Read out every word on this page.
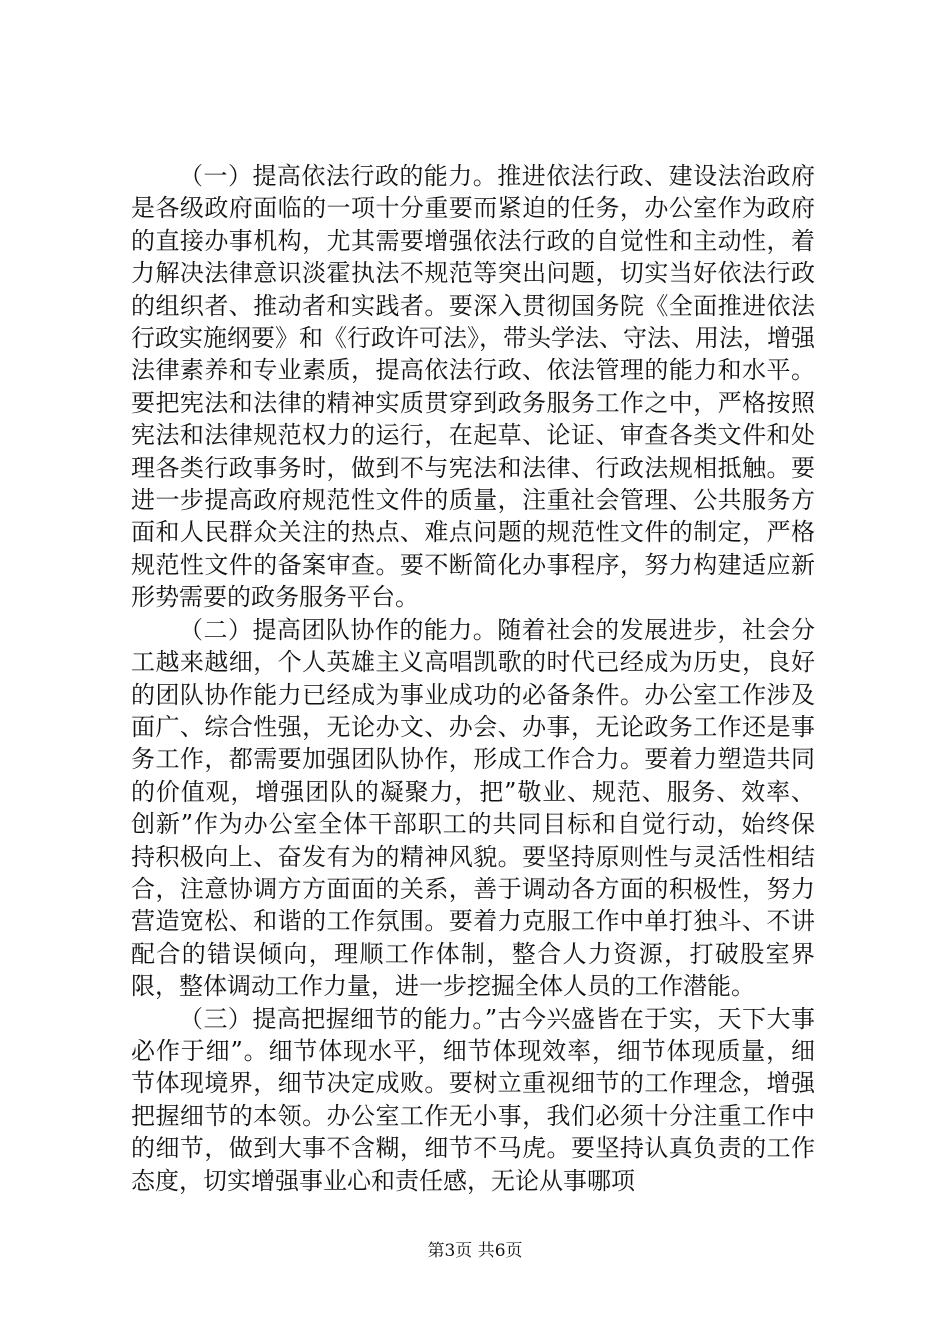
（一）提高依法行政的能力。推进依法行政、建设法治政府是各级政府面临的一项十分重要而紧迫的任务，办公室作为政府的直接办事机构，尤其需要增强依法行政的自觉性和主动性，着力解决法律意识淡霍执法不规范等突出问题，切实当好依法行政的组织者、推动者和实践者。要深入贯彻国务院《全面推进依法行政实施纲要》和《行政许可法》，带头学法、守法、用法，增强法律素养和专业素质，提高依法行政、依法管理的能力和水平。要把宪法和法律的精神实质贯穿到政务服务工作之中，严格按照宪法和法律规范权力的运行，在起草、论证、审查各类文件和处理各类行政事务时，做到不与宪法和法律、行政法规相抵触。要进一步提高政府规范性文件的质量，注重社会管理、公共服务方面和人民群众关注的热点、难点问题的规范性文件的制定，严格规范性文件的备案审查。要不断简化办事程序，努力构建适应新形势需要的政务服务平台。

（二）提高团队协作的能力。随着社会的发展进步，社会分工越来越细，个人英雄主义高唱凯歌的时代已经成为历史，良好的团队协作能力已经成为事业成功的必备条件。办公室工作涉及面广、综合性强，无论办文、办会、办事，无论政务工作还是事务工作，都需要加强团队协作，形成工作合力。要着力塑造共同的价值观，增强团队的凝聚力，把”敬业、规范、服务、效率、创新”作为办公室全体干部职工的共同目标和自觉行动，始终保持积极向上、奋发有为的精神风貌。要坚持原则性与灵活性相结合，注意协调方方面面的关系，善于调动各方面的积极性，努力营造宽松、和谐的工作氛围。要着力克服工作中单打独斗、不讲配合的错误倾向，理顺工作体制，整合人力资源，打破股室界限，整体调动工作力量，进一步挖掘全体人员的工作潜能。

（三）提高把握细节的能力。”古今兴盛皆在于实，天下大事必作于细”。细节体现水平，细节体现效率，细节体现质量，细节体现境界，细节决定成败。要树立重视细节的工作理念，增强把握细节的本领。办公室工作无小事，我们必须十分注重工作中的细节，做到大事不含糊，细节不马虎。要坚持认真负责的工作态度，切实增强事业心和责任感，无论从事哪项

第3页 共6页
